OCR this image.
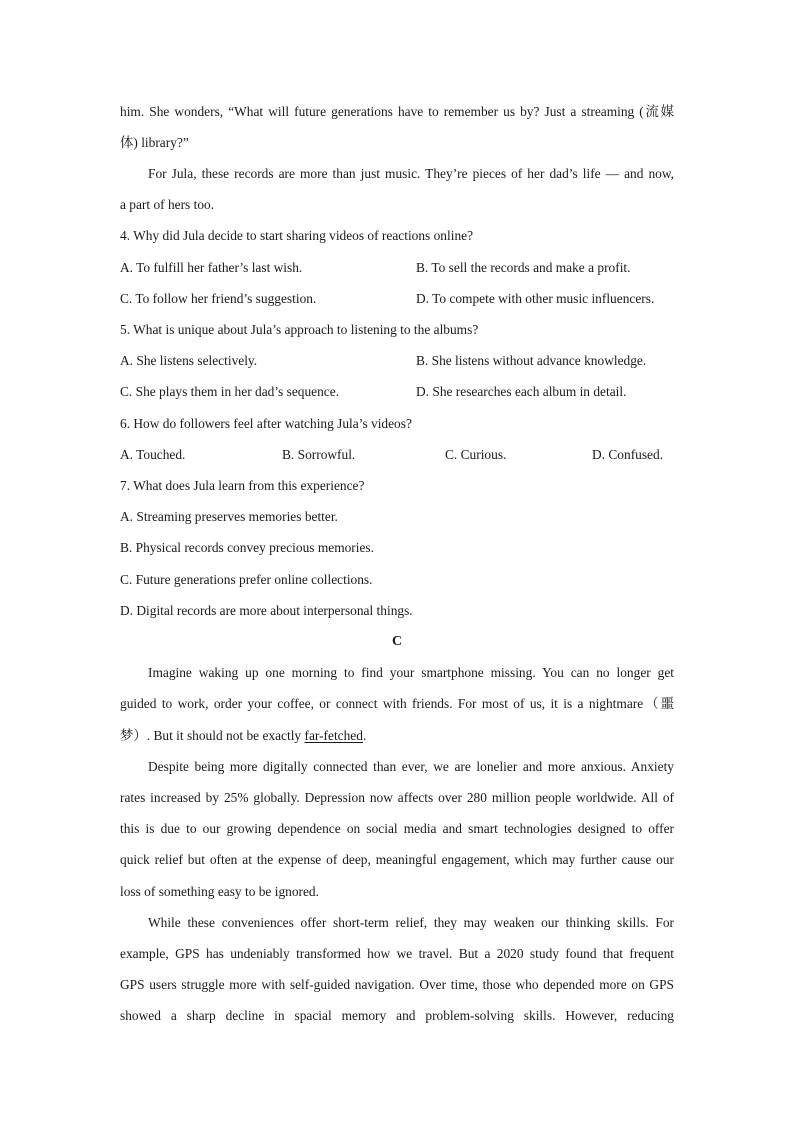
him. She wonders, “What will future generations have to remember us by? Just a streaming (流媒
体) library?”
For Jula, these records are more than just music. They’re pieces of her dad’s life — and now,
a part of hers too.
4. Why did Jula decide to start sharing videos of reactions online?
A. To fulfill her father’s last wish.	B. To sell the records and make a profit.
C. To follow her friend’s suggestion.	D. To compete with other music influencers.
5. What is unique about Jula’s approach to listening to the albums?
A. She listens selectively.	B. She listens without advance knowledge.
C. She plays them in her dad’s sequence.	D. She researches each album in detail.
6. How do followers feel after watching Jula’s videos?
A. Touched.	B. Sorrowful.	C. Curious.	D. Confused.
7. What does Jula learn from this experience?
A. Streaming preserves memories better.
B. Physical records convey precious memories.
C. Future generations prefer online collections.
D. Digital records are more about interpersonal things.
C
Imagine waking up one morning to find your smartphone missing. You can no longer get
guided to work, order your coffee, or connect with friends. For most of us, it is a nightmare（噩
梦）. But it should not be exactly far-fetched.
Despite being more digitally connected than ever, we are lonelier and more anxious. Anxiety
rates increased by 25% globally. Depression now affects over 280 million people worldwide. All of
this is due to our growing dependence on social media and smart technologies designed to offer
quick relief but often at the expense of deep, meaningful engagement, which may further cause our
loss of something easy to be ignored.
While these conveniences offer short-term relief, they may weaken our thinking skills. For
example, GPS has undeniably transformed how we travel. But a 2020 study found that frequent
GPS users struggle more with self-guided navigation. Over time, those who depended more on GPS
showed a sharp decline in spacial memory and problem-solving skills. However, reducing
